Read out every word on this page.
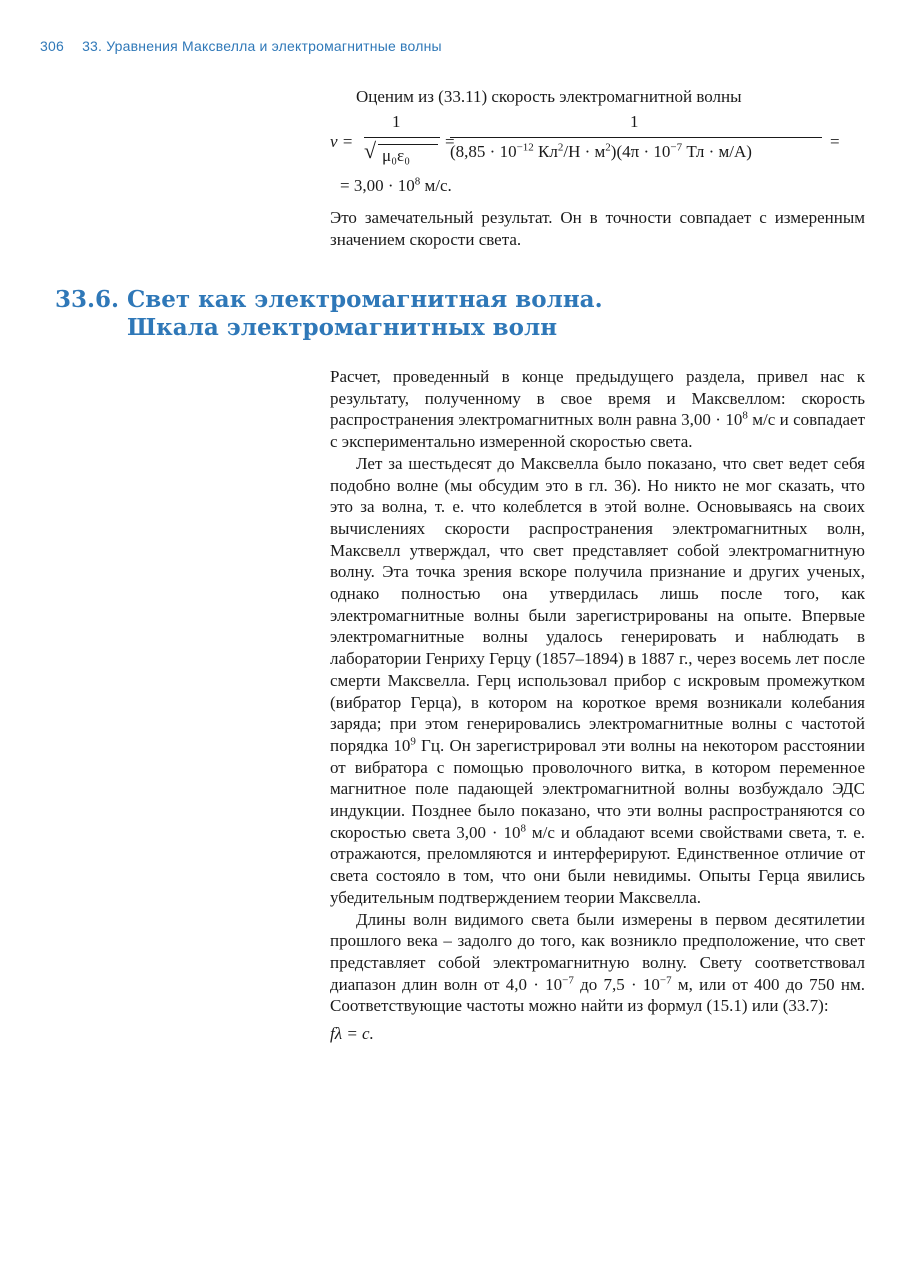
306 33. Уравнения Максвелла и электромагнитные волны

Оценим из (33.11) скорость электромагнитной волны

v =
1
√ μ₀ε₀
=
1
($8,85 \cdot 10^{-12}$ $Кл^2/Н \cdot м^2)(4\pi \cdot 10^{-7}$ Тл · м/А)
=
= $3,00 \cdot 10^8$ м/с.

Это замечательный результат. Он в точности совпадает с измеренным значением скорости света.

33.6. Свет как электромагнитная волна.
Шкала электромагнитных волн

Расчет, проведенный в конце предыдущего раздела, привел нас к результату, полученному в свое время и Максвеллом: скорость распространения электромагнитных волн равна $3,00 \cdot 10^8$ м/с и совпадает с экспериментально измеренной скоростью света.

Лет за шестьдесят до Максвелла было показано, что свет ведет себя подобно волне (мы обсудим это в гл. 36). Но никто не мог сказать, что это за волна, т. е. что колеблется в этой волне. Основываясь на своих вычислениях скорости распространения электромагнитных волн, Максвелл утверждал, что свет представляет собой электромагнитную волну. Эта точка зрения вскоре получила признание и других ученых, однако полностью она утвердилась лишь после того, как электромагнитные волны были зарегистрированы на опыте. Впервые электромагнитные волны удалось генерировать и наблюдать в лаборатории Генриху Герцу (1857–1894) в 1887 г., через восемь лет после смерти Максвелла. Герц использовал прибор с искровым промежутком (вибратор Герца), в котором на короткое время возникали колебания заряда; при этом генерировались электромагнитные волны с частотой порядка $10^9$ Гц. Он зарегистрировал эти волны на некотором расстоянии от вибратора с помощью проволочного витка, в котором переменное магнитное поле падающей электромагнитной волны возбуждало ЭДС индукции. Позднее было показано, что эти волны распространяются со скоростью света $3,00 \cdot 10^8$ м/с и обладают всеми свойствами света, т. е. отражаются, преломляются и интерферируют. Единственное отличие от света состояло в том, что они были невидимы. Опыты Герца явились убедительным подтверждением теории Максвелла.

Длины волн видимого света были измерены в первом десятилетии прошлого века – задолго до того, как возникло предположение, что свет представляет собой электромагнитную волну. Свету соответствовал диапазон длин волн от $4,0 \cdot 10^{-7}$ до $7,5 \cdot 10^{-7}$ м, или от 400 до 750 нм. Соответствующие частоты можно найти из формул (15.1) или (33.7):

fλ = c.
